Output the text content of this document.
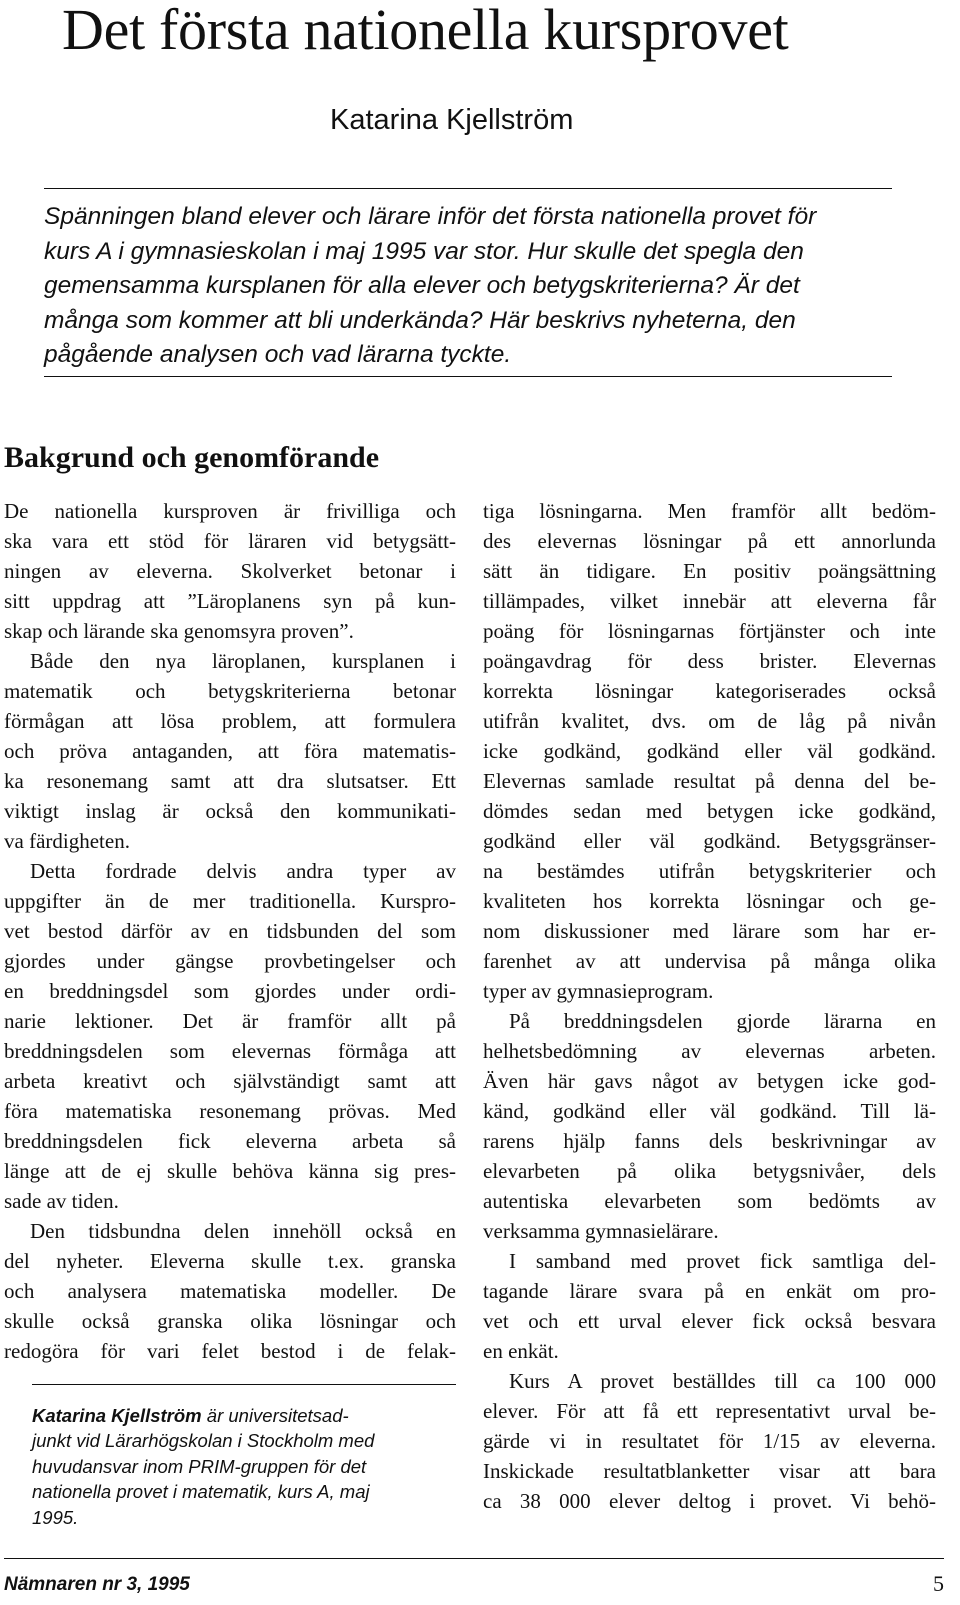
Det första nationella kursprovet

Katarina Kjellström

Spänningen bland elever och lärare inför det första nationella provet för
kurs A i gymnasieskolan i maj 1995 var stor. Hur skulle det spegla den
gemensamma kursplanen för alla elever och betygskriterierna? Är det
många som kommer att bli underkända? Här beskrivs nyheterna, den
pågående analysen och vad lärarna tyckte.
Bakgrund och genomförande
De nationella kursproven är frivilliga och
ska vara ett stöd för läraren vid betygsätt-
ningen av eleverna. Skolverket betonar i
sitt uppdrag att ”Läroplanens syn på kun-
skap och lärande ska genomsyra proven”.
Både den nya läroplanen, kursplanen i
matematik och betygskriterierna betonar
förmågan att lösa problem, att formulera
och pröva antaganden, att föra matematis-
ka resonemang samt att dra slutsatser. Ett
viktigt inslag är också den kommunikati-
va färdigheten.
Detta fordrade delvis andra typer av
uppgifter än de mer traditionella. Kurspro-
vet bestod därför av en tidsbunden del som
gjordes under gängse provbetingelser och
en breddningsdel som gjordes under ordi-
narie lektioner. Det är framför allt på
breddningsdelen som elevernas förmåga att
arbeta kreativt och självständigt samt att
föra matematiska resonemang prövas. Med
breddningsdelen fick eleverna arbeta så
länge att de ej skulle behöva känna sig pres-
sade av tiden.
Den tidsbundna delen innehöll också en
del nyheter. Eleverna skulle t.ex. granska
och analysera matematiska modeller. De
skulle också granska olika lösningar och
redogöra för vari felet bestod i de felak-
tiga lösningarna. Men framför allt bedöm-
des elevernas lösningar på ett annorlunda
sätt än tidigare. En positiv poängsättning
tillämpades, vilket innebär att eleverna får
poäng för lösningarnas förtjänster och inte
poängavdrag för dess brister. Elevernas
korrekta lösningar kategoriserades också
utifrån kvalitet, dvs. om de låg på nivån
icke godkänd, godkänd eller väl godkänd.
Elevernas samlade resultat på denna del be-
dömdes sedan med betygen icke godkänd,
godkänd eller väl godkänd. Betygsgränser-
na bestämdes utifrån betygskriterier och
kvaliteten hos korrekta lösningar och ge-
nom diskussioner med lärare som har er-
farenhet av att undervisa på många olika
typer av gymnasieprogram.
På breddningsdelen gjorde lärarna en
helhetsbedömning av elevernas arbeten.
Även här gavs något av betygen icke god-
känd, godkänd eller väl godkänd. Till lä-
rarens hjälp fanns dels beskrivningar av
elevarbeten på olika betygsnivåer, dels
autentiska elevarbeten som bedömts av
verksamma gymnasielärare.
I samband med provet fick samtliga del-
tagande lärare svara på en enkät om pro-
vet och ett urval elever fick också besvara
en enkät.
Kurs A provet beställdes till ca 100 000
elever. För att få ett representativt urval be-
gärde vi in resultatet för 1/15 av eleverna.
Inskickade resultatblanketter visar att bara
ca 38 000 elever deltog i provet. Vi behö-
Katarina Kjellström är universitetsad-
junkt vid Lärarhögskolan i Stockholm med
huvudansvar inom PRIM-gruppen för det
nationella provet i matematik, kurs A, maj
1995.

Nämnaren nr 3, 1995	5
